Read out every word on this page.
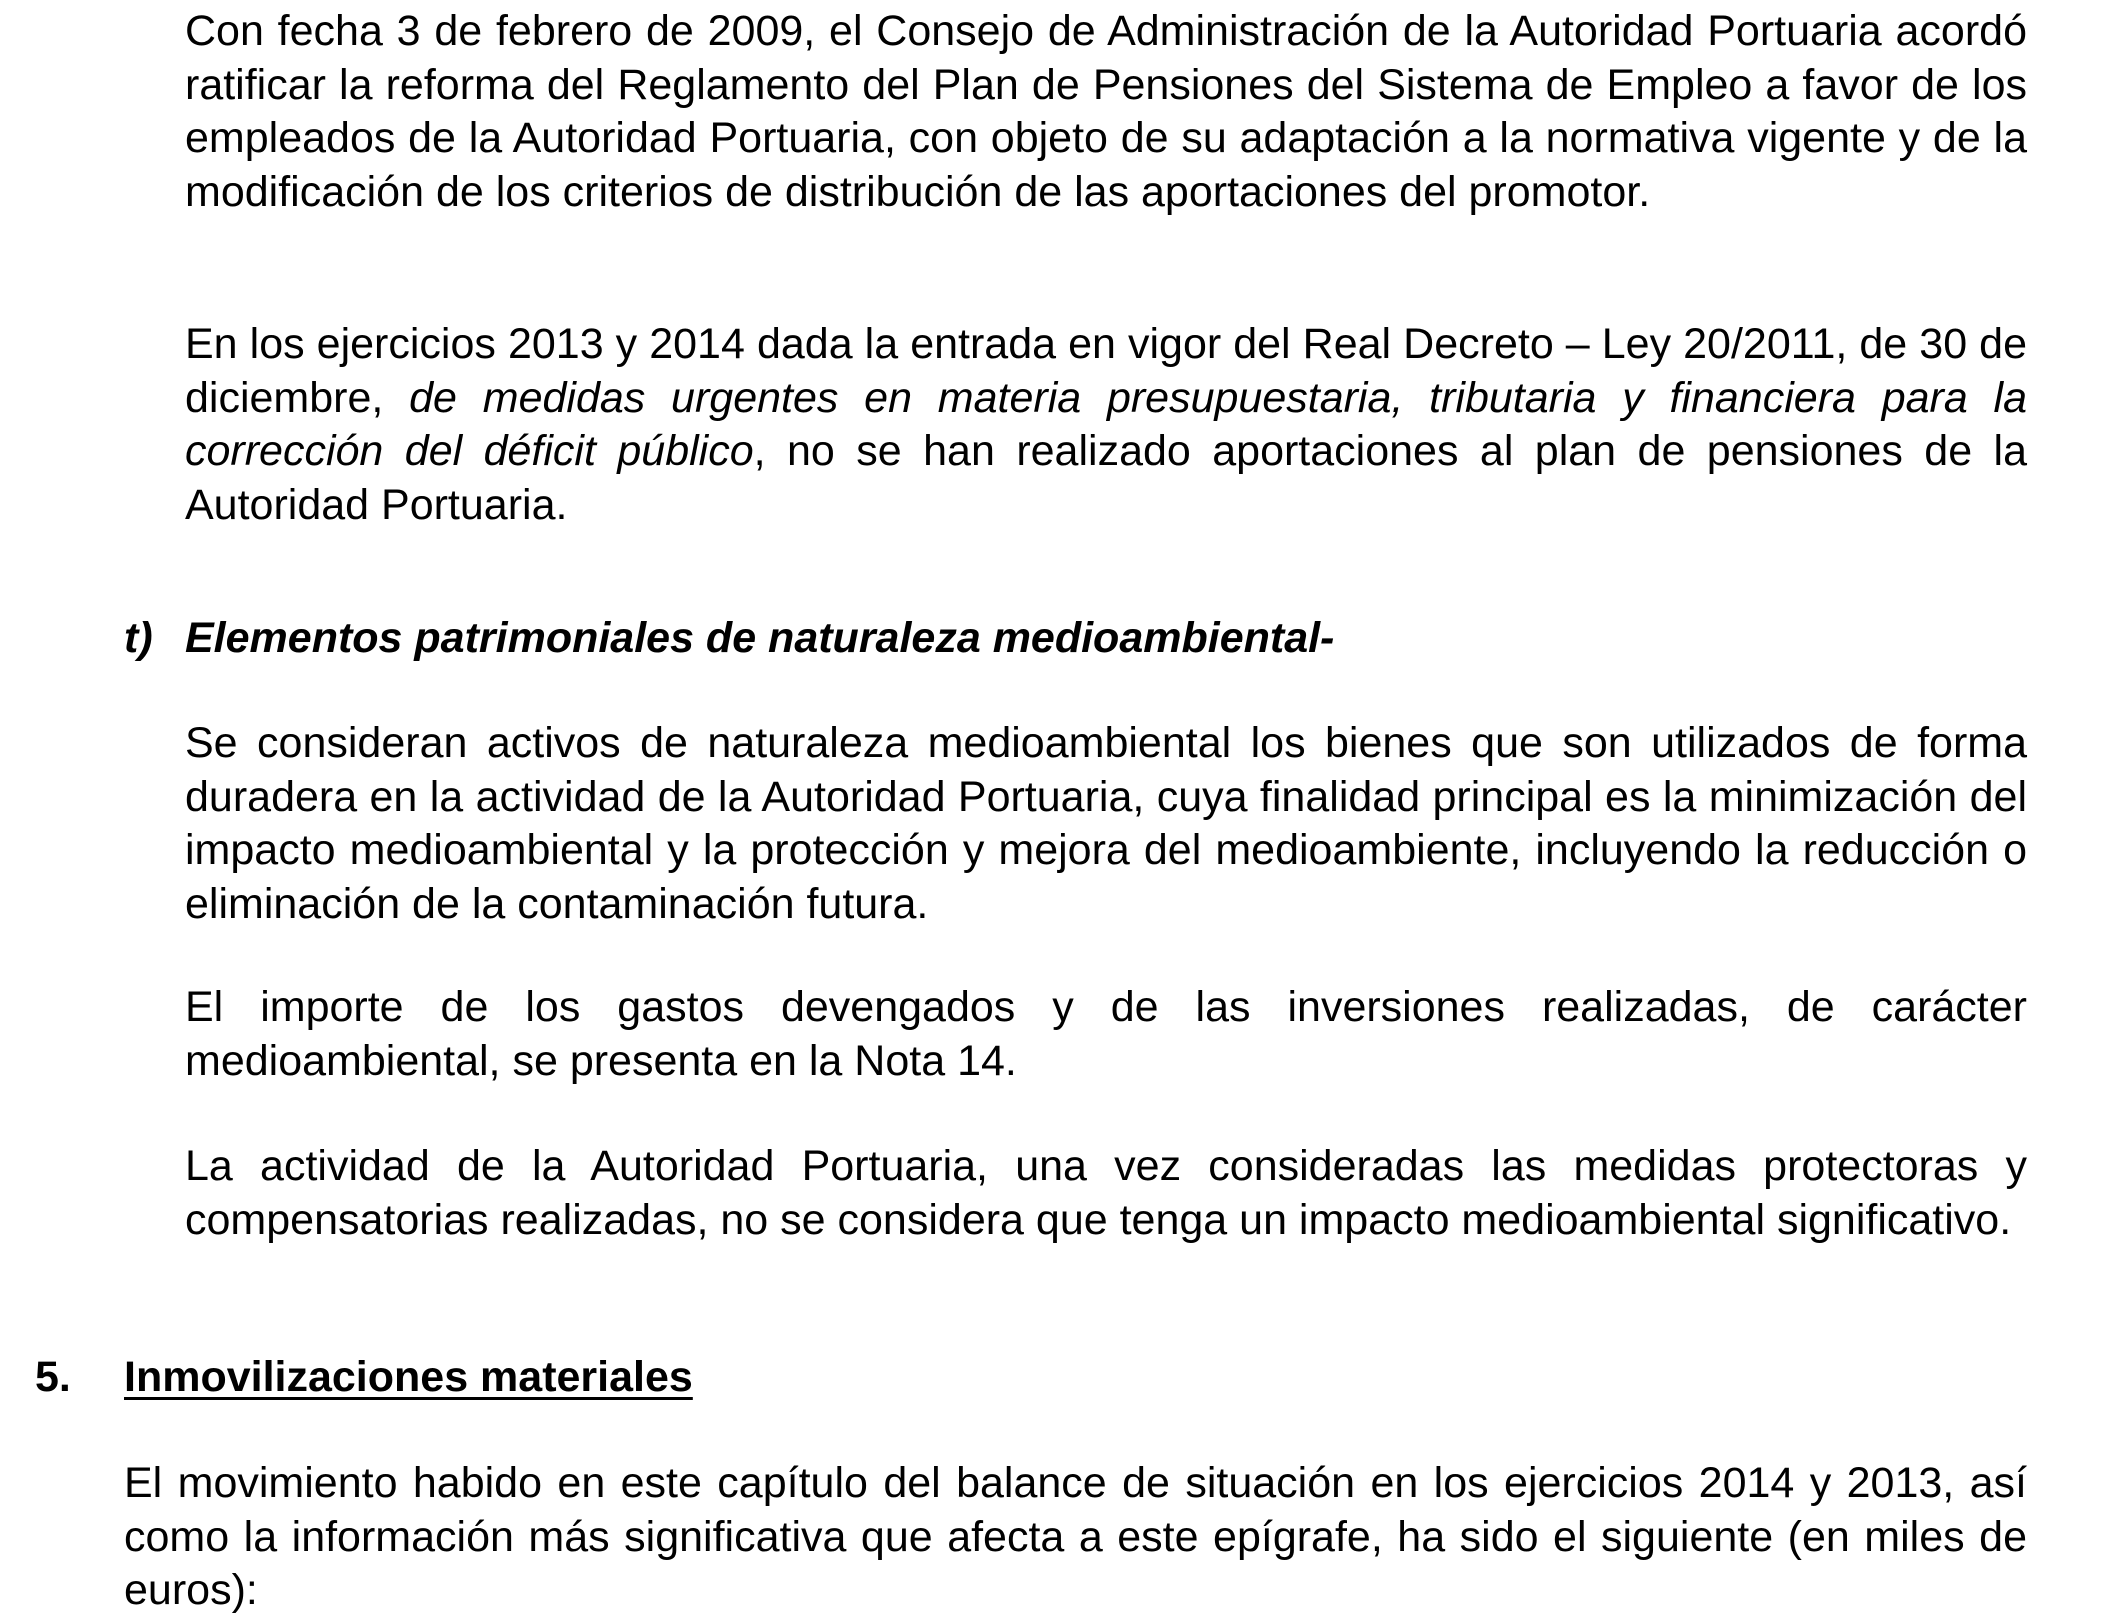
Con fecha 3 de febrero de 2009, el Consejo de Administración de la Autoridad Portuaria acordó ratificar la reforma del Reglamento del Plan de Pensiones del Sistema de Empleo a favor de los empleados de la Autoridad Portuaria, con objeto de su adaptación a la normativa vigente y de la modificación de los criterios de distribución de las aportaciones del promotor.

En los ejercicios 2013 y 2014 dada la entrada en vigor del Real Decreto – Ley 20/2011, de 30 de diciembre, de medidas urgentes en materia presupuestaria, tributaria y financiera para la corrección del déficit público, no se han realizado aportaciones al plan de pensiones de la Autoridad Portuaria.

t) Elementos patrimoniales de naturaleza medioambiental-

Se consideran activos de naturaleza medioambiental los bienes que son utilizados de forma duradera en la actividad de la Autoridad Portuaria, cuya finalidad principal es la minimización del impacto medioambiental y la protección y mejora del medioambiente, incluyendo la reducción o eliminación de la contaminación futura.

El importe de los gastos devengados y de las inversiones realizadas, de carácter medioambiental, se presenta en la Nota 14.

La actividad de la Autoridad Portuaria, una vez consideradas las medidas protectoras y compensatorias realizadas, no se considera que tenga un impacto medioambiental significativo.

5. Inmovilizaciones materiales

El movimiento habido en este capítulo del balance de situación en los ejercicios 2014 y 2013, así como la información más significativa que afecta a este epígrafe, ha sido el siguiente (en miles de euros):
